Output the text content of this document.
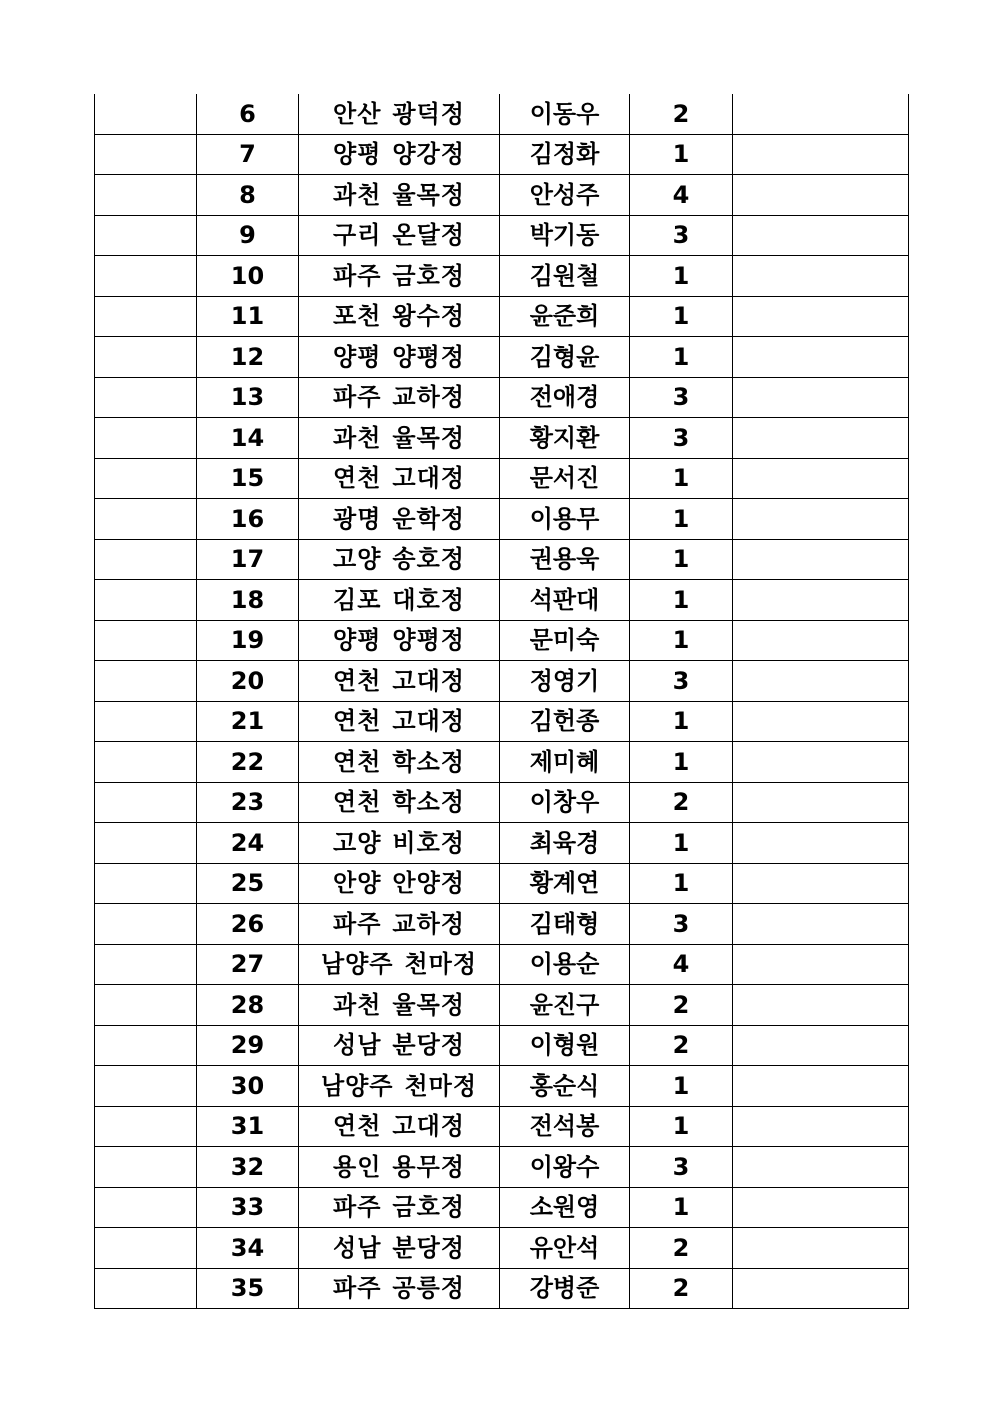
	6	안산 광덕정	이동우	2	
	7	양평 양강정	김정화	1	
	8	과천 율목정	안성주	4	
	9	구리 온달정	박기동	3	
	10	파주 금호정	김원철	1	
	11	포천 왕수정	윤준희	1	
	12	양평 양평정	김형윤	1	
	13	파주 교하정	전애경	3	
	14	과천 율목정	황지환	3	
	15	연천 고대정	문서진	1	
	16	광명 운학정	이용무	1	
	17	고양 송호정	권용욱	1	
	18	김포 대호정	석판대	1	
	19	양평 양평정	문미숙	1	
	20	연천 고대정	정영기	3	
	21	연천 고대정	김헌종	1	
	22	연천 학소정	제미혜	1	
	23	연천 학소정	이창우	2	
	24	고양 비호정	최육경	1	
	25	안양 안양정	황계연	1	
	26	파주 교하정	김태형	3	
	27	남양주 천마정	이용순	4	
	28	과천 율목정	윤진구	2	
	29	성남 분당정	이형원	2	
	30	남양주 천마정	홍순식	1	
	31	연천 고대정	전석봉	1	
	32	용인 용무정	이왕수	3	
	33	파주 금호정	소원영	1	
	34	성남 분당정	유안석	2	
	35	파주 공릉정	강병준	2	
